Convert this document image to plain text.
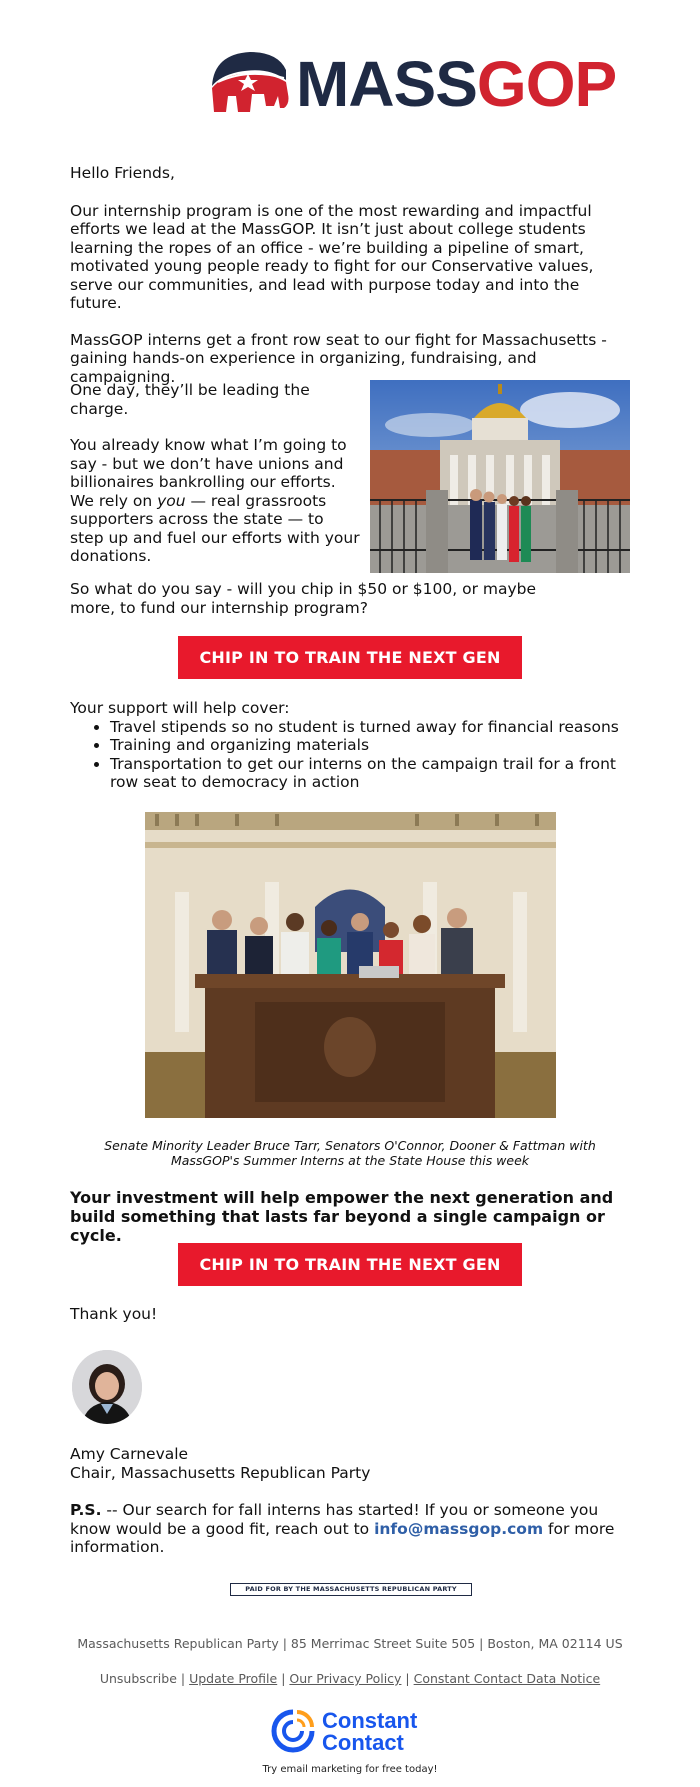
MASSGOP

Hello Friends,

Our internship program is one of the most rewarding and impactful efforts we lead at the MassGOP. It isn’t just about college students learning the ropes of an office - we’re building a pipeline of smart, motivated young people ready to fight for our Conservative values, serve our communities, and lead with purpose today and into the future.

MassGOP interns get a front row seat to our fight for Massachusetts - gaining hands-on experience in organizing, fundraising, and campaigning.

One day, they’ll be leading the charge.

You already know what I’m going to say - but we don’t have unions and billionaires bankrolling our efforts. We rely on you — real grassroots supporters across the state — to step up and fuel our efforts with your donations.

So what do you say - will you chip in $50 or $100, or maybe more, to fund our internship program?

CHIP IN TO TRAIN THE NEXT GEN

Your support will help cover:

• Travel stipends so no student is turned away for financial reasons
• Training and organizing materials
• Transportation to get our interns on the campaign trail for a front row seat to democracy in action
Senate Minority Leader Bruce Tarr, Senators O'Connor, Dooner & Fattman with MassGOP's Summer Interns at the State House this week
Your investment will help empower the next generation and build something that lasts far beyond a single campaign or cycle.
CHIP IN TO TRAIN THE NEXT GEN
Thank you!

Amy Carnevale

Chair, Massachusetts Republican Party

P.S. -- Our search for fall interns has started! If you or someone you know would be a good fit, reach out to info@massgop.com for more information.
PAID FOR BY THE MASSACHUSETTS REPUBLICAN PARTY
Massachusetts Republican Party | 85 Merrimac Street Suite 505 | Boston, MA 02114 US
Unsubscribe | Update Profile | Our Privacy Policy | Constant Contact Data Notice
Constant
Contact
Try email marketing for free today!
